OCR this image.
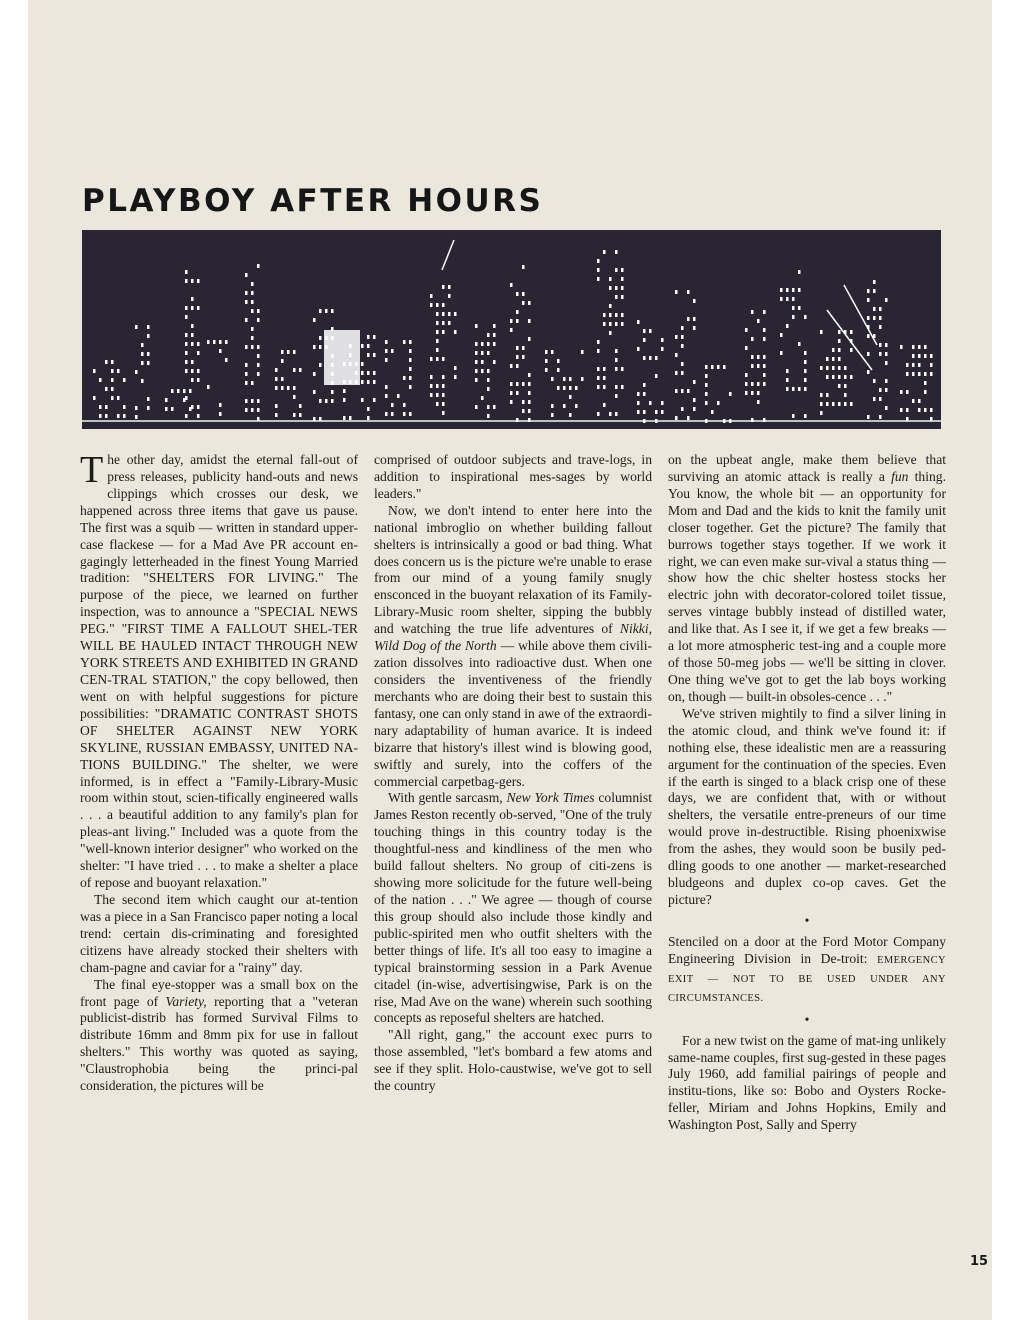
PLAYBOY AFTER HOURS

The other day, amidst the eternal fall-out of press releases, publicity hand-outs and news clippings which crosses our desk, we happened across three items that gave us pause. The first was a squib — written in standard upper-case flackese — for a Mad Ave PR account en-gagingly letterheaded in the finest Young Married tradition: "SHELTERS FOR LIVING." The purpose of the piece, we learned on further inspection, was to announce a "SPECIAL NEWS PEG." "FIRST TIME A FALLOUT SHEL-TER WILL BE HAULED INTACT THROUGH NEW YORK STREETS AND EXHIBITED IN GRAND CEN-TRAL STATION," the copy bellowed, then went on with helpful suggestions for picture possibilities: "DRAMATIC CONTRAST SHOTS OF SHELTER AGAINST NEW YORK SKYLINE, RUSSIAN EMBASSY, UNITED NA-TIONS BUILDING." The shelter, we were informed, is in effect a "Family-Library-Music room within stout, scien-tifically engineered walls . . . a beautiful addition to any family's plan for pleas-ant living." Included was a quote from the "well-known interior designer" who worked on the shelter: "I have tried . . . to make a shelter a place of repose and buoyant relaxation."

The second item which caught our at-tention was a piece in a San Francisco paper noting a local trend: certain dis-criminating and foresighted citizens have already stocked their shelters with cham-pagne and caviar for a "rainy" day.

The final eye-stopper was a small box on the front page of Variety, reporting that a "veteran publicist-distrib has formed Survival Films to distribute 16mm and 8mm pix for use in fallout shelters." This worthy was quoted as saying, "Claustrophobia being the princi-pal consideration, the pictures will be

comprised of outdoor subjects and trave-logs, in addition to inspirational mes-sages by world leaders."

Now, we don't intend to enter here into the national imbroglio on whether building fallout shelters is intrinsically a good or bad thing. What does concern us is the picture we're unable to erase from our mind of a young family snugly ensconced in the buoyant relaxation of its Family-Library-Music room shelter, sipping the bubbly and watching the true life adventures of Nikki, Wild Dog of the North — while above them civili-zation dissolves into radioactive dust. When one considers the inventiveness of the friendly merchants who are doing their best to sustain this fantasy, one can only stand in awe of the extraordi-nary adaptability of human avarice. It is indeed bizarre that history's illest wind is blowing good, swiftly and surely, into the coffers of the commercial carpetbag-gers.

With gentle sarcasm, New York Times columnist James Reston recently ob-served, "One of the truly touching things in this country today is the thoughtful-ness and kindliness of the men who build fallout shelters. No group of citi-zens is showing more solicitude for the future well-being of the nation . . ." We agree — though of course this group should also include those kindly and public-spirited men who outfit shelters with the better things of life. It's all too easy to imagine a typical brainstorming session in a Park Avenue citadel (in-wise, advertisingwise, Park is on the rise, Mad Ave on the wane) wherein such soothing concepts as reposeful shelters are hatched.

"All right, gang," the account exec purrs to those assembled, "let's bombard a few atoms and see if they split. Holo-caustwise, we've got to sell the country

on the upbeat angle, make them believe that surviving an atomic attack is really a fun thing. You know, the whole bit — an opportunity for Mom and Dad and the kids to knit the family unit closer together. Get the picture? The family that burrows together stays together. If we work it right, we can even make sur-vival a status thing — show how the chic shelter hostess stocks her electric john with decorator-colored toilet tissue, serves vintage bubbly instead of distilled water, and like that. As I see it, if we get a few breaks — a lot more atmospheric test-ing and a couple more of those 50-meg jobs — we'll be sitting in clover. One thing we've got to get the lab boys working on, though — built-in obsoles-cence . . ."

We've striven mightily to find a silver lining in the atomic cloud, and think we've found it: if nothing else, these idealistic men are a reassuring argument for the continuation of the species. Even if the earth is singed to a black crisp one of these days, we are confident that, with or without shelters, the versatile entre-preneurs of our time would prove in-destructible. Rising phoenixwise from the ashes, they would soon be busily ped-dling goods to one another — market-researched bludgeons and duplex co-op caves. Get the picture?

•

Stenciled on a door at the Ford Motor Company Engineering Division in De-troit: EMERGENCY EXIT — NOT TO BE USED UNDER ANY CIRCUMSTANCES.

•

For a new twist on the game of mat-ing unlikely same-name couples, first sug-gested in these pages July 1960, add familial pairings of people and institu-tions, like so: Bobo and Oysters Rocke-feller, Miriam and Johns Hopkins, Emily and Washington Post, Sally and Sperry

15
